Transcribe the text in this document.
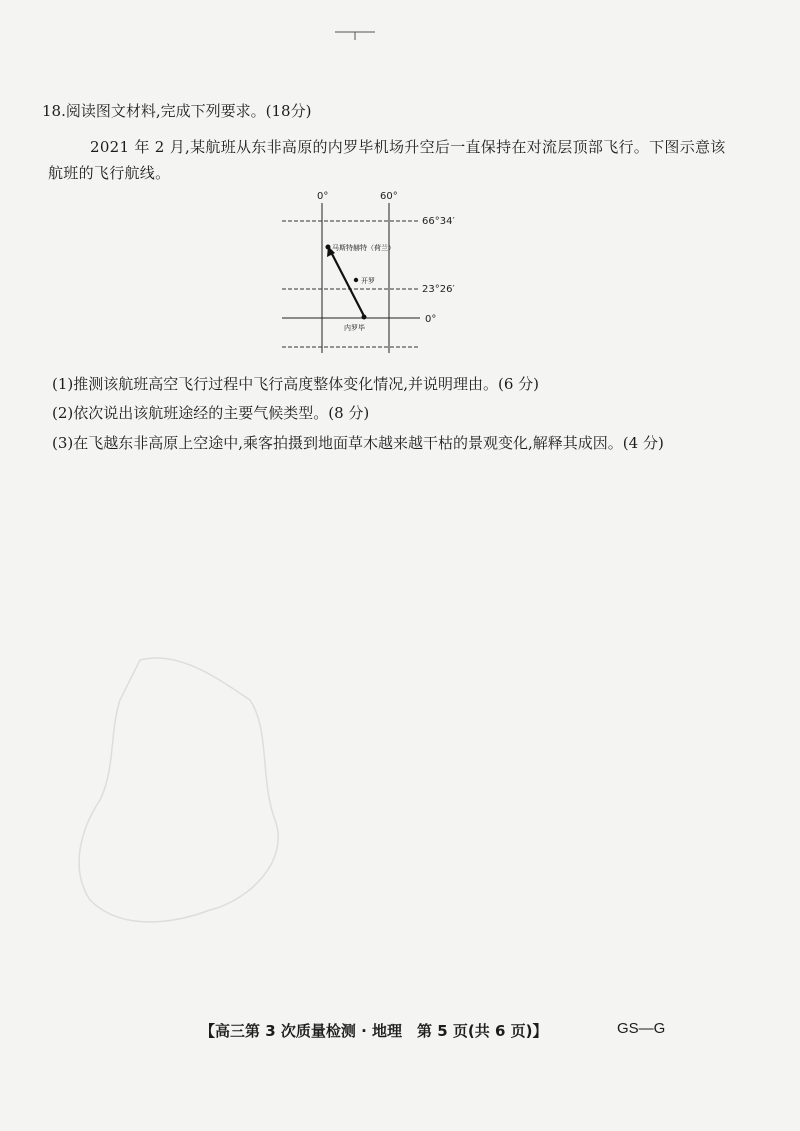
18.阅读图文材料,完成下列要求。(18分)
2021 年 2 月,某航班从东非高原的内罗毕机场升空后一直保持在对流层顶部飞行。下图示意该
航班的飞行航线。
0°	60°
66°34′
23°26′
0°
马斯特赫特（荷兰）
开罗
内罗毕
(1)推测该航班高空飞行过程中飞行高度整体变化情况,并说明理由。(6 分)
(2)依次说出该航班途经的主要气候类型。(8 分)
(3)在飞越东非高原上空途中,乘客拍摄到地面草木越来越干枯的景观变化,解释其成因。(4 分)
【高三第 3 次质量检测 · 地理　第 5 页(共 6 页)】	GS—G
